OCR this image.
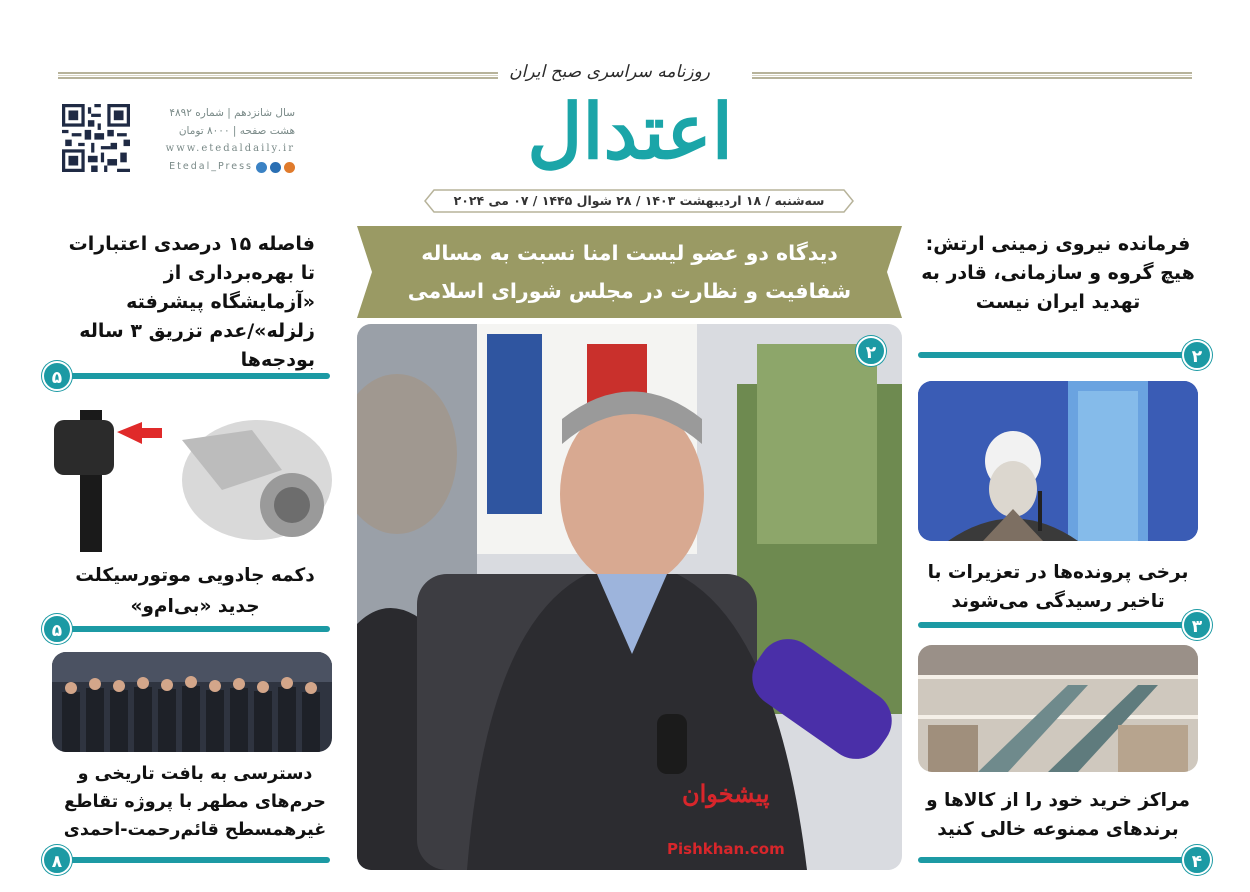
روزنامه سراسری صبح ایران
اعتدال
سال شانزدهم | شماره ۴۸۹۲
هشت صفحه | ۸۰۰۰ تومان
www.etedaldaily.ir
Etedal_Press
سه‌شنبه / ۱۸ اردیبهشت ۱۴۰۳ / ۲۸ شوال ۱۴۴۵ / ۰۷ می ۲۰۲۴
فرمانده نیروی زمینی ارتش: هیچ گروه و سازمانی، قادر به تهدید ایران نیست
۲
برخی پرونده‌ها در تعزیرات با تاخیر رسیدگی می‌شوند
۳
مراکز خرید خود را از کالاها و برندهای ممنوعه خالی کنید
۴
دیدگاه دو عضو لیست امنا نسبت به مساله شفافیت و نظارت در مجلس شورای اسلامی
۲
پیشخوان
Pishkhan.com
فاصله ۱۵ درصدی اعتبارات تا بهره‌برداری از «آزمایشگاه پیشرفته زلزله»/عدم تزریق ۳ ساله بودجه‌ها
۵
دکمه جادویی موتورسیکلت جدید «بی‌ام‌و»
۵
دسترسی به بافت تاریخی و حرم‌های مطهر با پروژه تقاطع غیرهمسطح قائم‌رحمت-احمدی
۸
